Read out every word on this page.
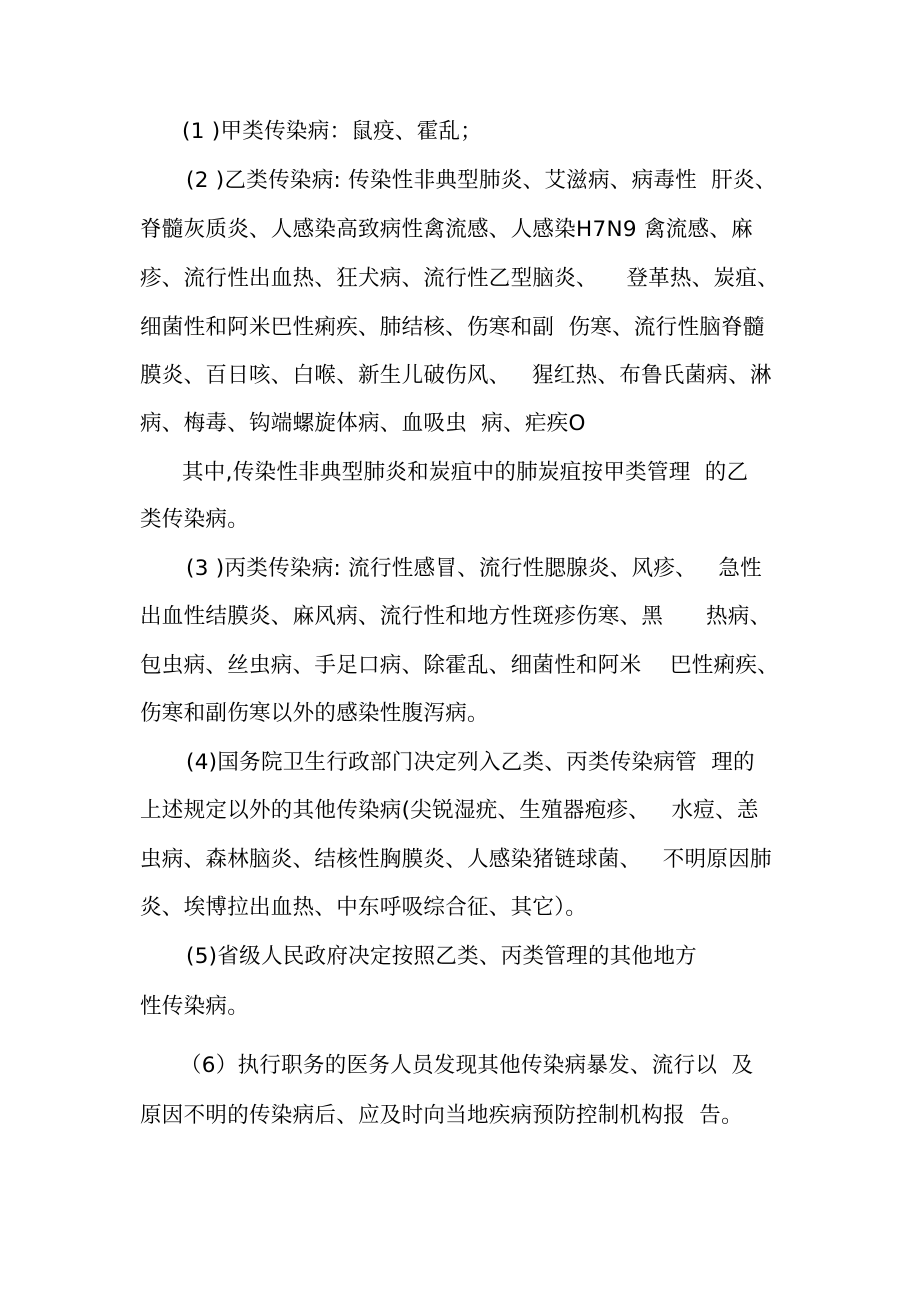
(1 )甲类传染病：鼠疫、霍乱；
(2 )乙类传染病: 传染性非典型肺炎、艾滋病、病毒性  肝炎、
脊髓灰质炎、人感染高致病性禽流感、人感染H7N9 禽流感、麻
疹、流行性出血热、狂犬病、流行性乙型脑炎、    登革热、炭疽、
细菌性和阿米巴性痢疾、肺结核、伤寒和副  伤寒、流行性脑脊髓
膜炎、百日咳、白喉、新生儿破伤风、   猩红热、布鲁氏菌病、淋
病、梅毒、钩端螺旋体病、血吸虫  病、疟疾O
其中,传染性非典型肺炎和炭疽中的肺炭疽按甲类管理  的乙
类传染病。
(3 )丙类传染病: 流行性感冒、流行性腮腺炎、风疹、   急性
出血性结膜炎、麻风病、流行性和地方性斑疹伤寒、黑      热病、
包虫病、丝虫病、手足口病、除霍乱、细菌性和阿米    巴性痢疾、
伤寒和副伤寒以外的感染性腹泻病。
(4)国务院卫生行政部门决定列入乙类、丙类传染病管  理的
上述规定以外的其他传染病(尖锐湿疣、生殖器疱疹、   水痘、恙
虫病、森林脑炎、结核性胸膜炎、人感染猪链球菌、   不明原因肺
炎、埃博拉出血热、中东呼吸综合征、其它）。
(5)省级人民政府决定按照乙类、丙类管理的其他地方
性传染病。
（6）执行职务的医务人员发现其他传染病暴发、流行以  及
原因不明的传染病后、应及时向当地疾病预防控制机构报  告。
